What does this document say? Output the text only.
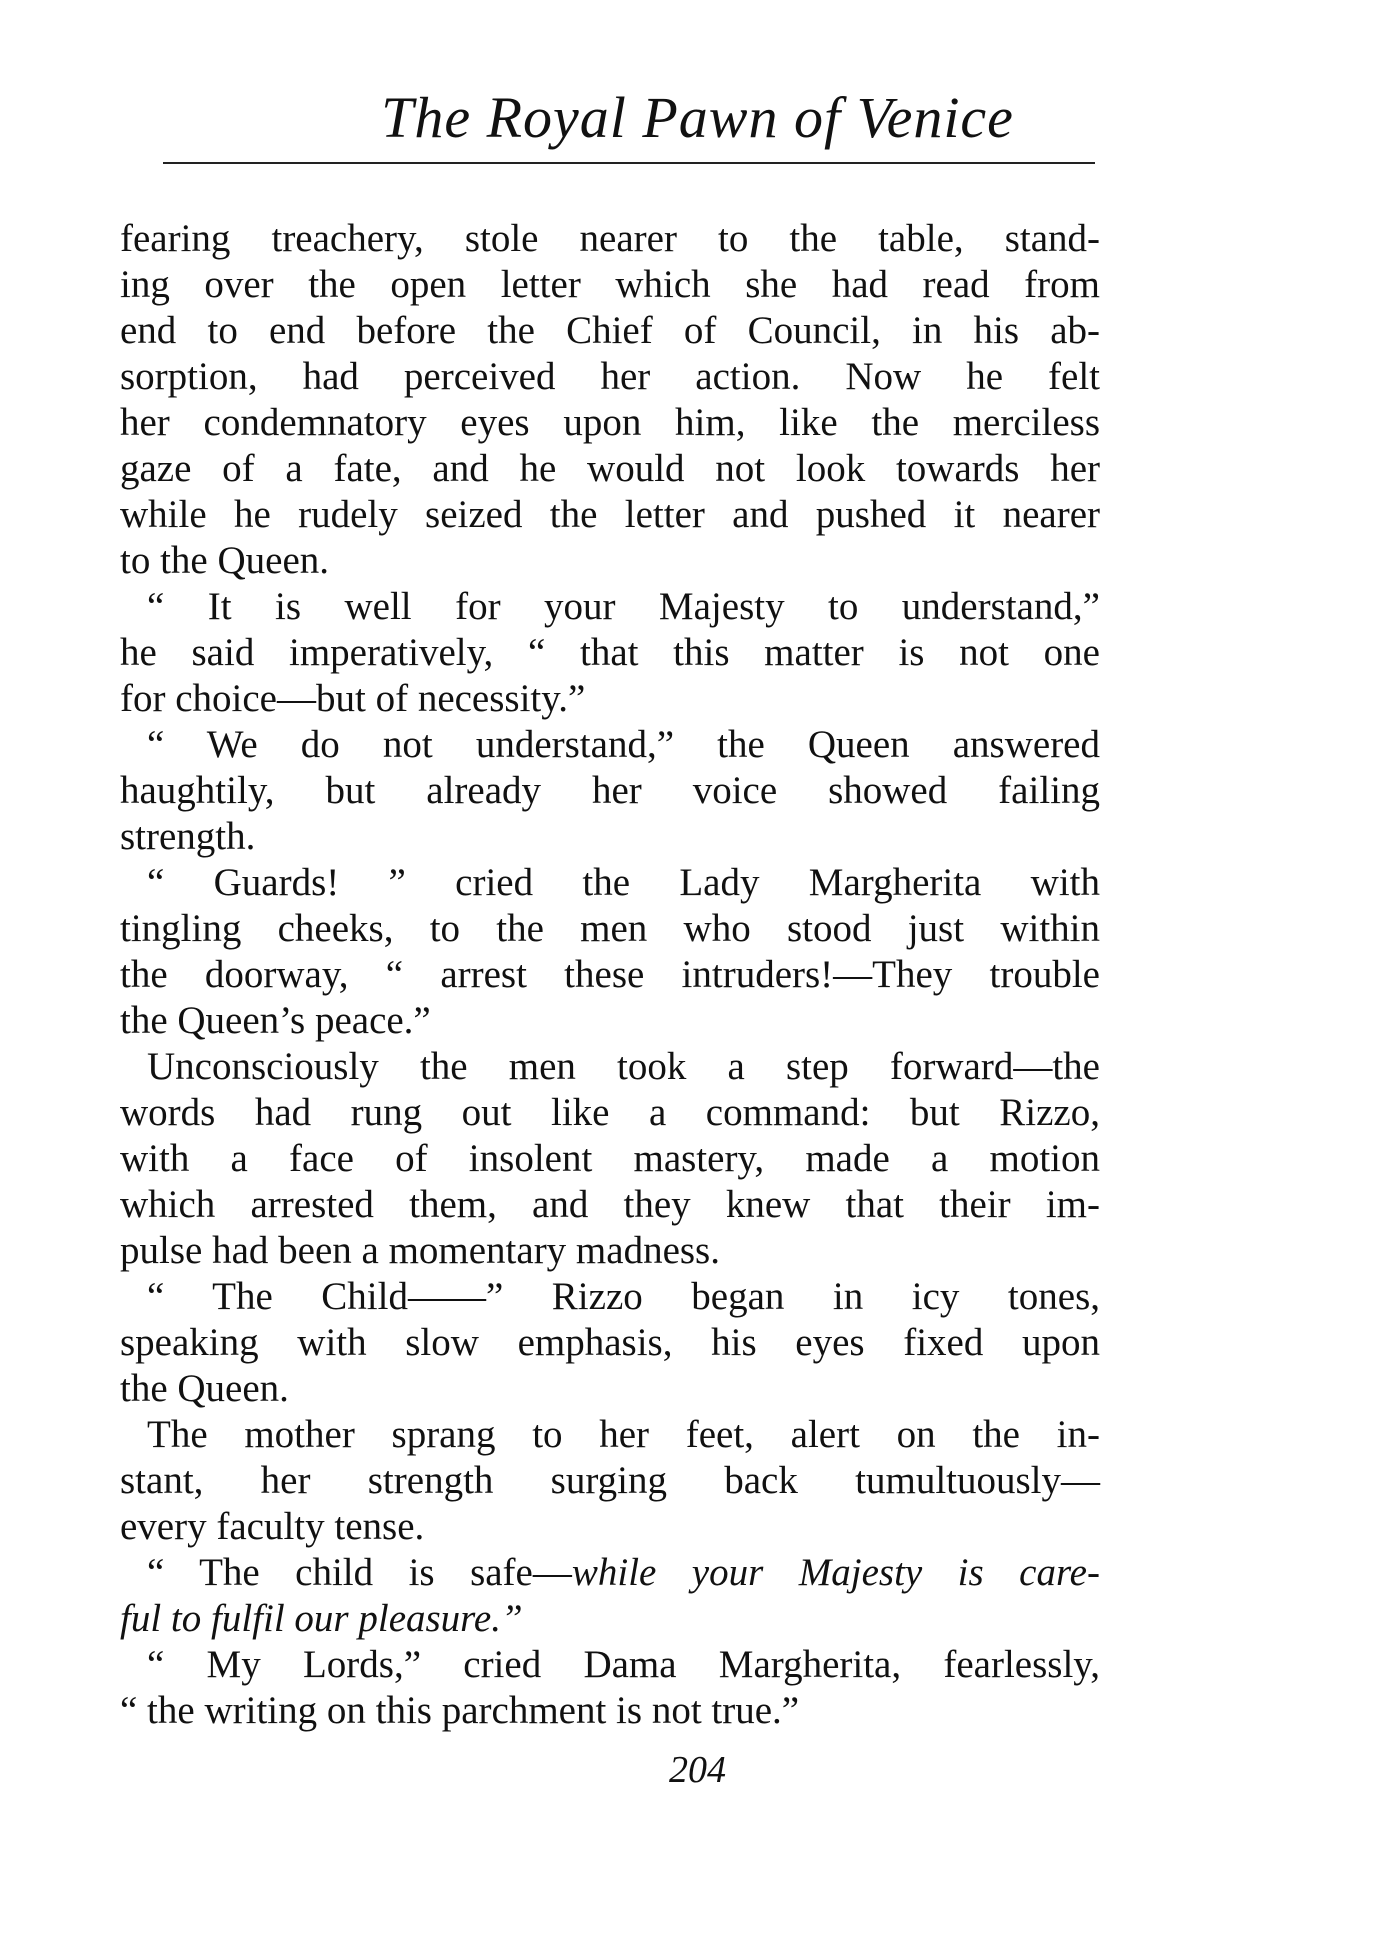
The Royal Pawn of Venice
fearing treachery, stole nearer to the table, stand-
ing over the open letter which she had read from
end to end before the Chief of Council, in his ab-
sorption, had perceived her action. Now he felt
her condemnatory eyes upon him, like the merciless
gaze of a fate, and he would not look towards her
while he rudely seized the letter and pushed it nearer
to the Queen.
“ It is well for your Majesty to understand,”
he said imperatively, “ that this matter is not one
for choice—but of necessity.”
“ We do not understand,” the Queen answered
haughtily, but already her voice showed failing
strength.
“ Guards! ” cried the Lady Margherita with
tingling cheeks, to the men who stood just within
the doorway, “ arrest these intruders!—They trouble
the Queen’s peace.”
Unconsciously the men took a step forward—the
words had rung out like a command: but Rizzo,
with a face of insolent mastery, made a motion
which arrested them, and they knew that their im-
pulse had been a momentary madness.
“ The Child——” Rizzo began in icy tones,
speaking with slow emphasis, his eyes fixed upon
the Queen.
The mother sprang to her feet, alert on the in-
stant, her strength surging back tumultuously—
every faculty tense.
“ The child is safe—while your Majesty is care-
ful to fulfil our pleasure.”
“ My Lords,” cried Dama Margherita, fearlessly,
“ the writing on this parchment is not true.”
204
